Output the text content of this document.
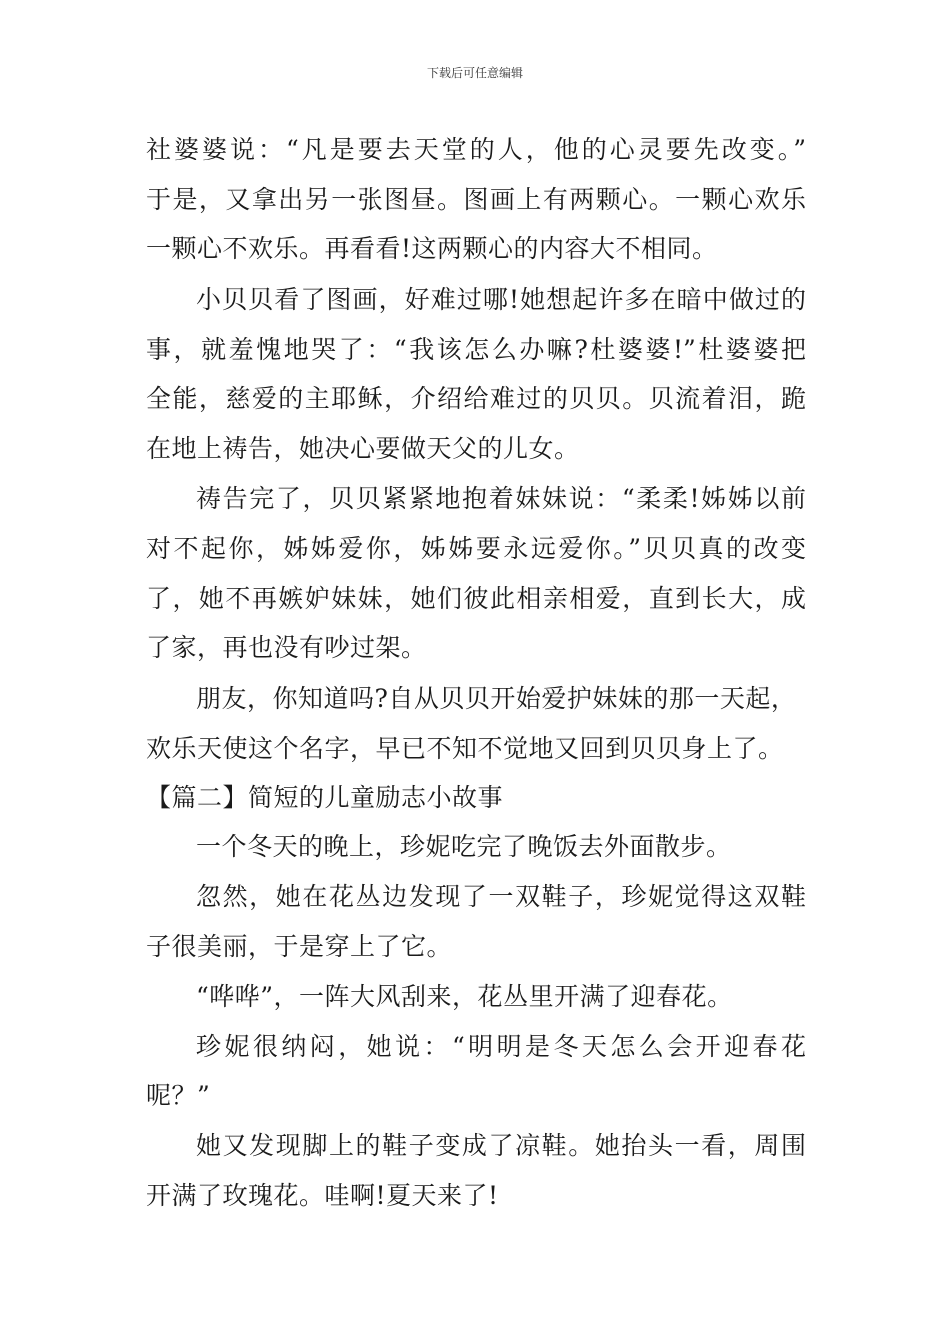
下载后可任意编辑
社婆婆说：“凡是要去天堂的人，他的心灵要先改变。”
于是，又拿出另一张图昼。图画上有两颗心。一颗心欢乐
一颗心不欢乐。再看看!这两颗心的内容大不相同。
小贝贝看了图画，好难过哪!她想起许多在暗中做过的
事，就羞愧地哭了：“我该怎么办嘛?杜婆婆!”杜婆婆把
全能，慈爱的主耶稣，介绍给难过的贝贝。贝流着泪，跪
在地上祷告，她决心要做天父的儿女。
祷告完了，贝贝紧紧地抱着妹妹说：“柔柔!姊姊以前
对不起你，姊姊爱你，姊姊要永远爱你。”贝贝真的改变
了，她不再嫉妒妹妹，她们彼此相亲相爱，直到长大，成
了家，再也没有吵过架。
朋友，你知道吗?自从贝贝开始爱护妹妹的那一天起，
欢乐天使这个名字，早已不知不觉地又回到贝贝身上了。
【篇二】简短的儿童励志小故事
一个冬天的晚上，珍妮吃完了晚饭去外面散步。
忽然，她在花丛边发现了一双鞋子，珍妮觉得这双鞋
子很美丽，于是穿上了它。
“哗哗”，一阵大风刮来，花丛里开满了迎春花。
珍妮很纳闷，她说：“明明是冬天怎么会开迎春花
呢？”
她又发现脚上的鞋子变成了凉鞋。她抬头一看，周围
开满了玫瑰花。哇啊!夏天来了!
